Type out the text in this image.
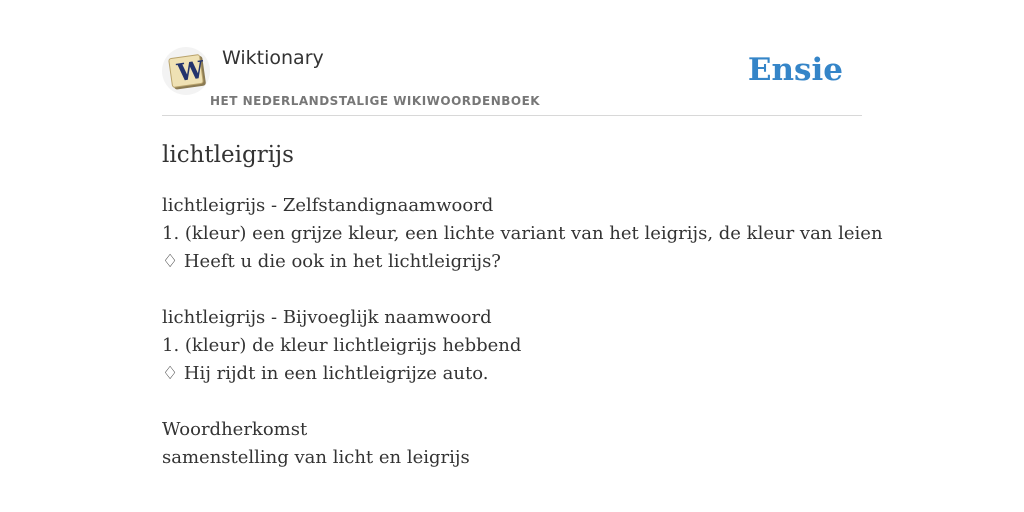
W Wiktionary
HET NEDERLANDSTALIGE WIKIWOORDENBOEK
Ensie
lichtleigrijs
lichtleigrijs - Zelfstandignaamwoord
1. (kleur) een grijze kleur, een lichte variant van het leigrijs, de kleur van leien
♢ Heeft u die ook in het lichtleigrijs?
lichtleigrijs - Bijvoeglijk naamwoord
1. (kleur) de kleur lichtleigrijs hebbend
♢ Hij rijdt in een lichtleigrijze auto.
Woordherkomst
samenstelling van licht en leigrijs
